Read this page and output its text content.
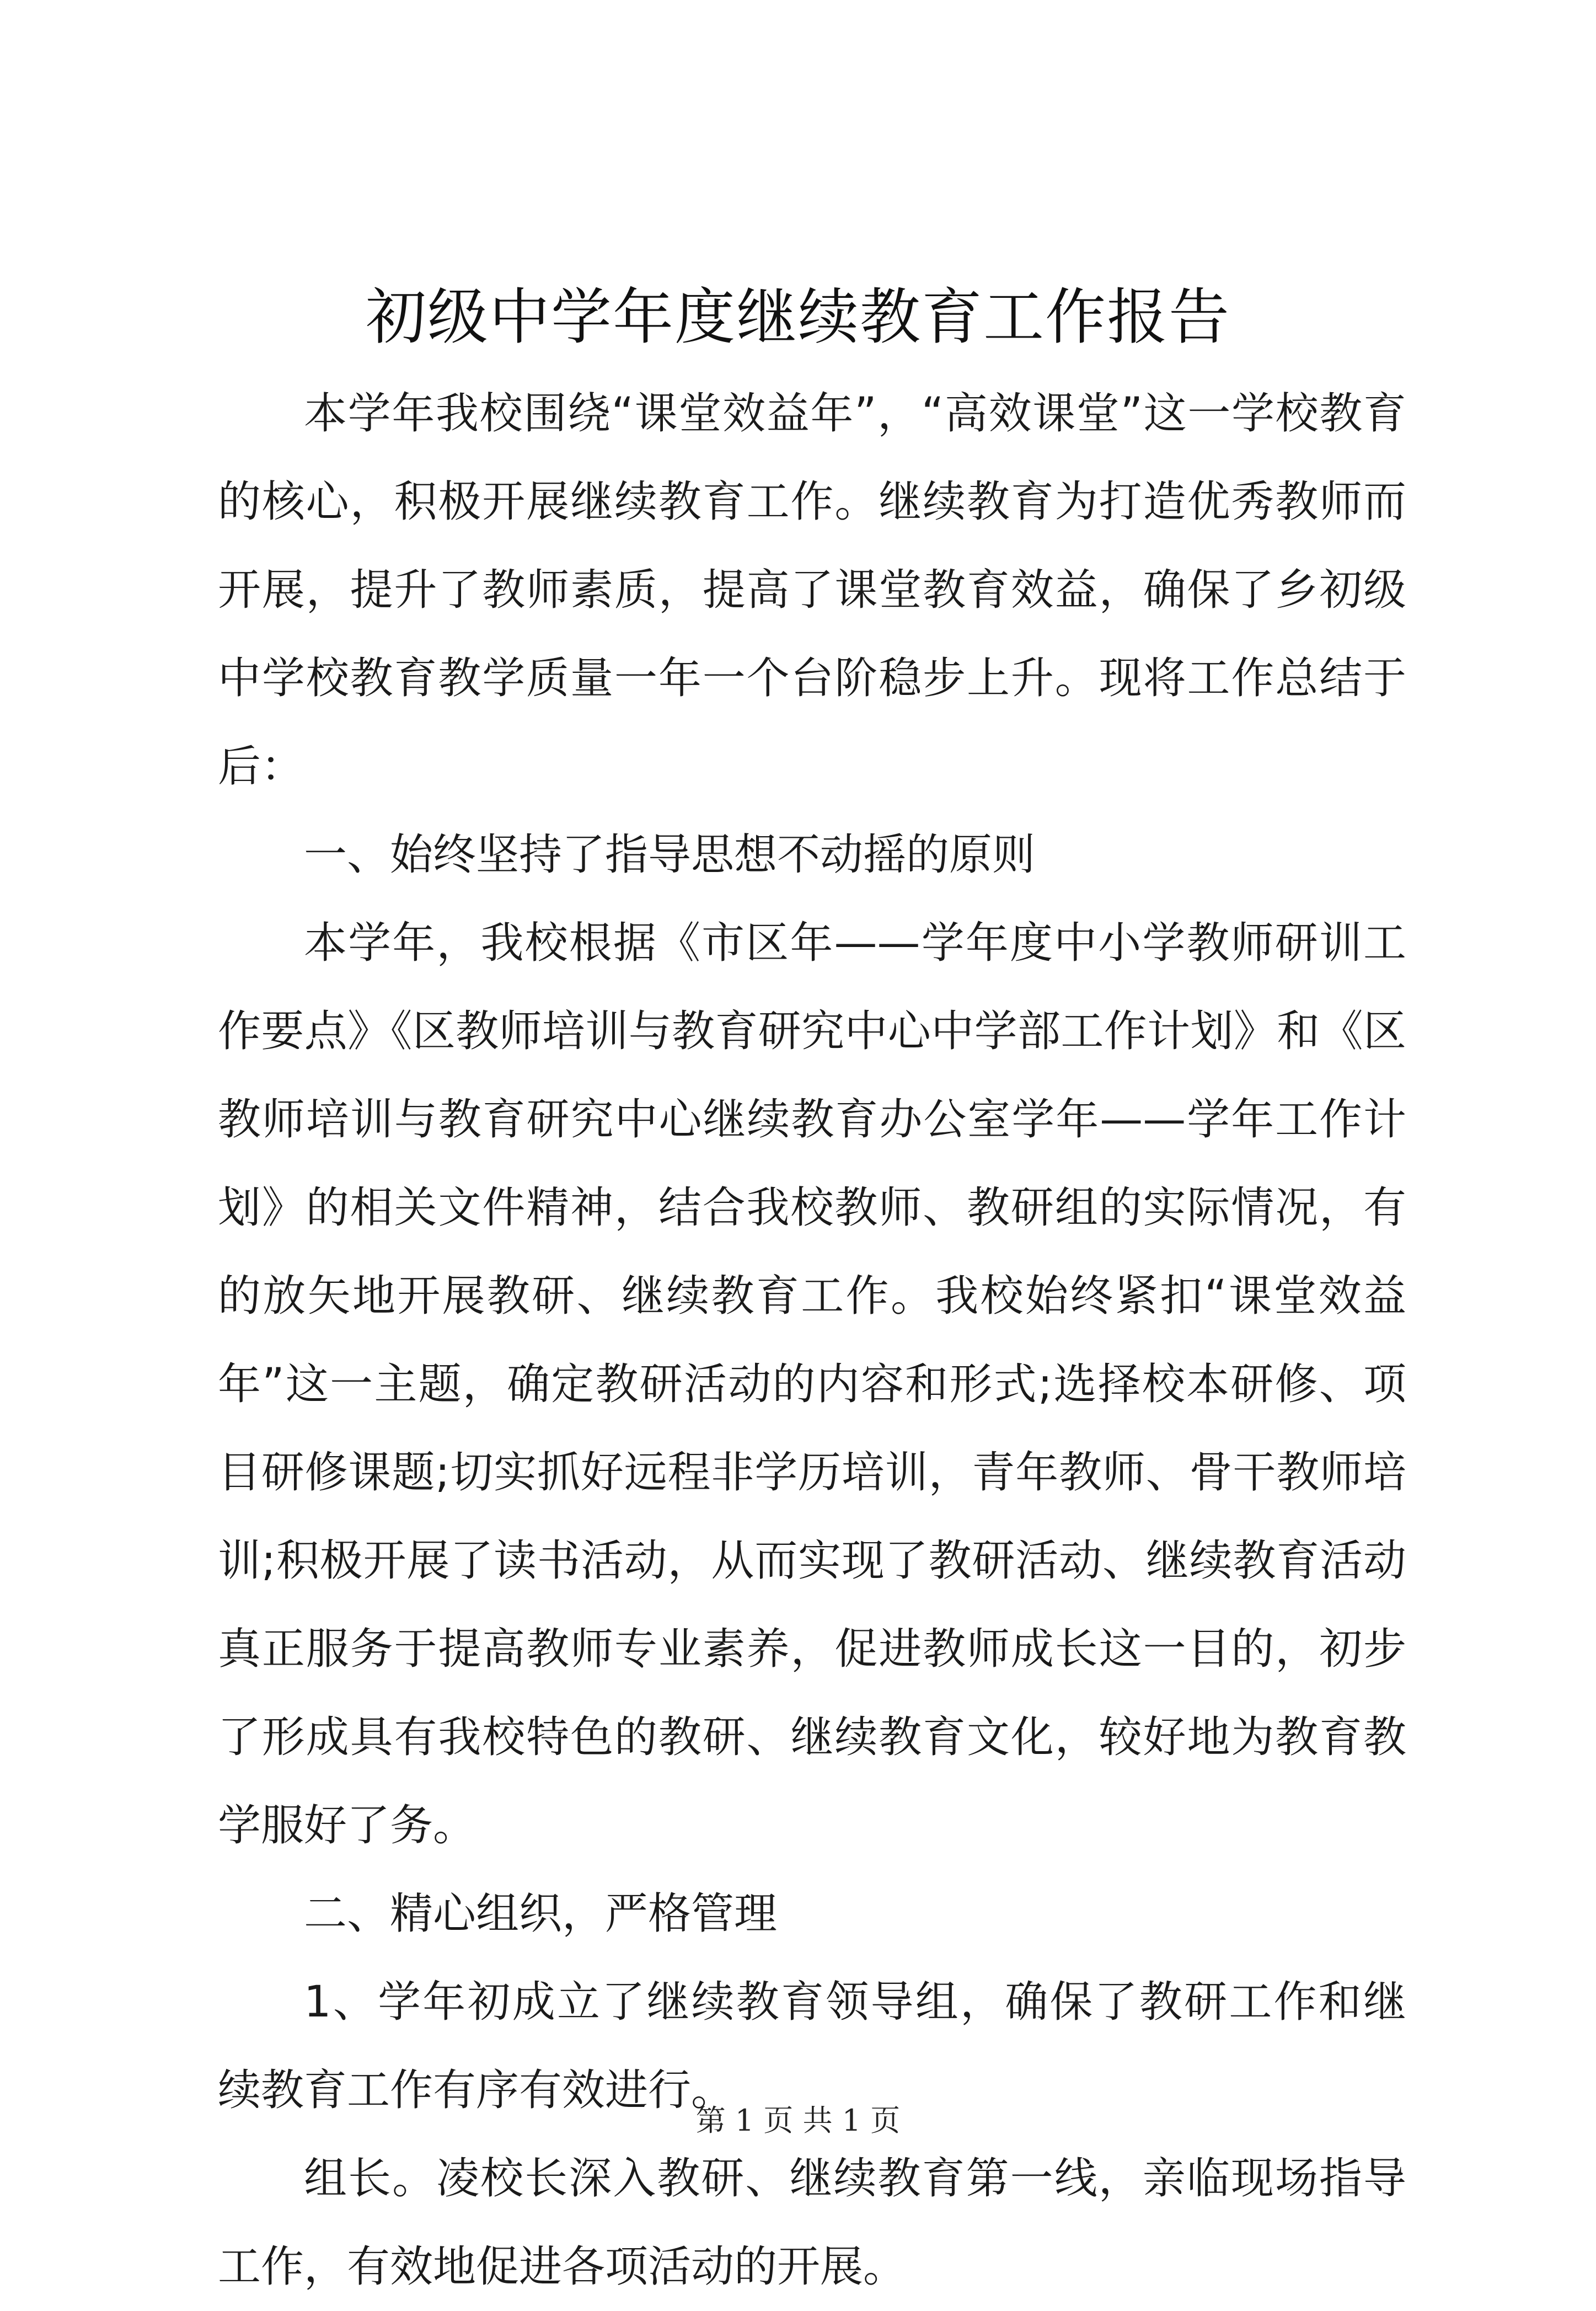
初级中学年度继续教育工作报告

本学年我校围绕“课堂效益年”，“高效课堂”这一学校教育的核心，积极开展继续教育工作。继续教育为打造优秀教师而开展，提升了教师素质，提高了课堂教育效益，确保了乡初级中学校教育教学质量一年一个台阶稳步上升。现将工作总结于后：

一、始终坚持了指导思想不动摇的原则

本学年，我校根据《市区年——学年度中小学教师研训工作要点》《区教师培训与教育研究中心中学部工作计划》和《区教师培训与教育研究中心继续教育办公室学年——学年工作计划》的相关文件精神，结合我校教师、教研组的实际情况，有的放矢地开展教研、继续教育工作。我校始终紧扣“课堂效益年”这一主题，确定教研活动的内容和形式;选择校本研修、项目研修课题;切实抓好远程非学历培训，青年教师、骨干教师培训;积极开展了读书活动，从而实现了教研活动、继续教育活动真正服务于提高教师专业素养，促进教师成长这一目的，初步了形成具有我校特色的教研、继续教育文化，较好地为教育教学服好了务。

二、精心组织，严格管理

1、学年初成立了继续教育领导组，确保了教研工作和继续教育工作有序有效进行。

组长。凌校长深入教研、继续教育第一线，亲临现场指导工作，有效地促进各项活动的开展。

第 1 页 共 1 页
